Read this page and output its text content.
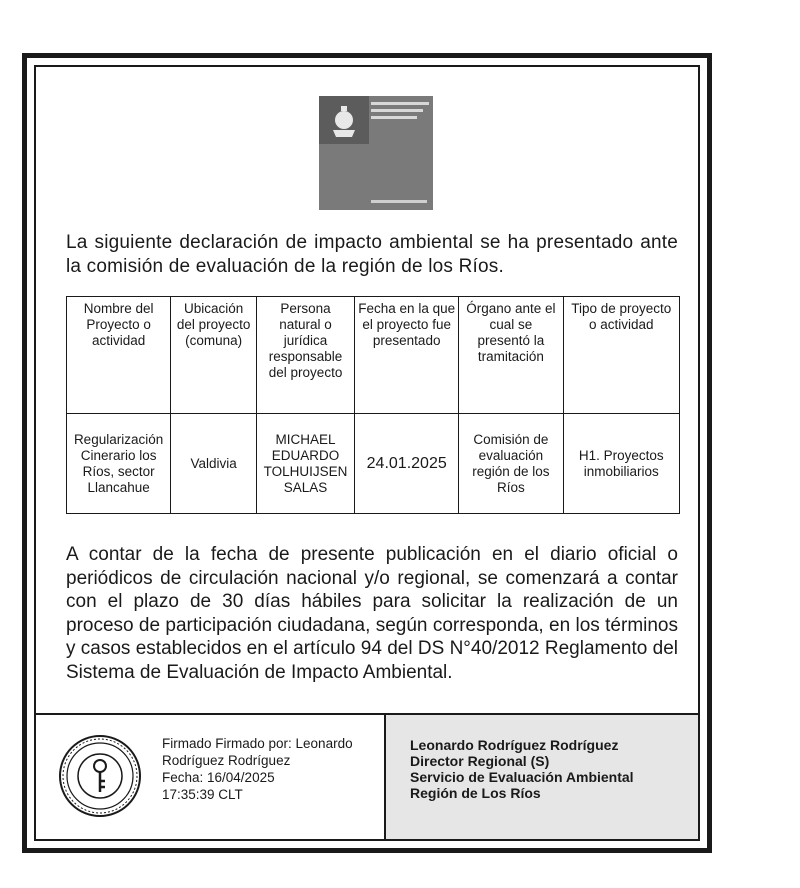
La siguiente declaración de impacto ambiental se ha presentado ante la comisión de evaluación de la región de los Ríos.
Nombre del Proyecto o actividad	Ubicación del proyecto (comuna)	Persona natural o jurídica responsable del proyecto	Fecha en la que el proyecto fue presentado	Órgano ante el cual se presentó la tramitación	Tipo de proyecto o actividad
Regularización Cinerario los Ríos, sector Llancahue	Valdivia	MICHAEL EDUARDO TOLHUIJSEN SALAS	24.01.2025	Comisión de evaluación región de los Ríos	H1. Proyectos inmobiliarios
A contar de la fecha de presente publicación en el diario oficial o periódicos de circulación nacional y/o regional, se comenzará a contar con el plazo de 30 días hábiles para solicitar la realización de un proceso de participación ciudadana, según corresponda, en los términos y casos establecidos en el artículo 94 del DS N°40/2012 Reglamento del Sistema de Evaluación de Impacto Ambiental.
Firmado Firmado por: Leonardo
Rodríguez Rodríguez
Fecha: 16/04/2025
17:35:39 CLT
Leonardo Rodríguez Rodríguez
Director Regional (S)
Servicio de Evaluación Ambiental
Región de Los Ríos
